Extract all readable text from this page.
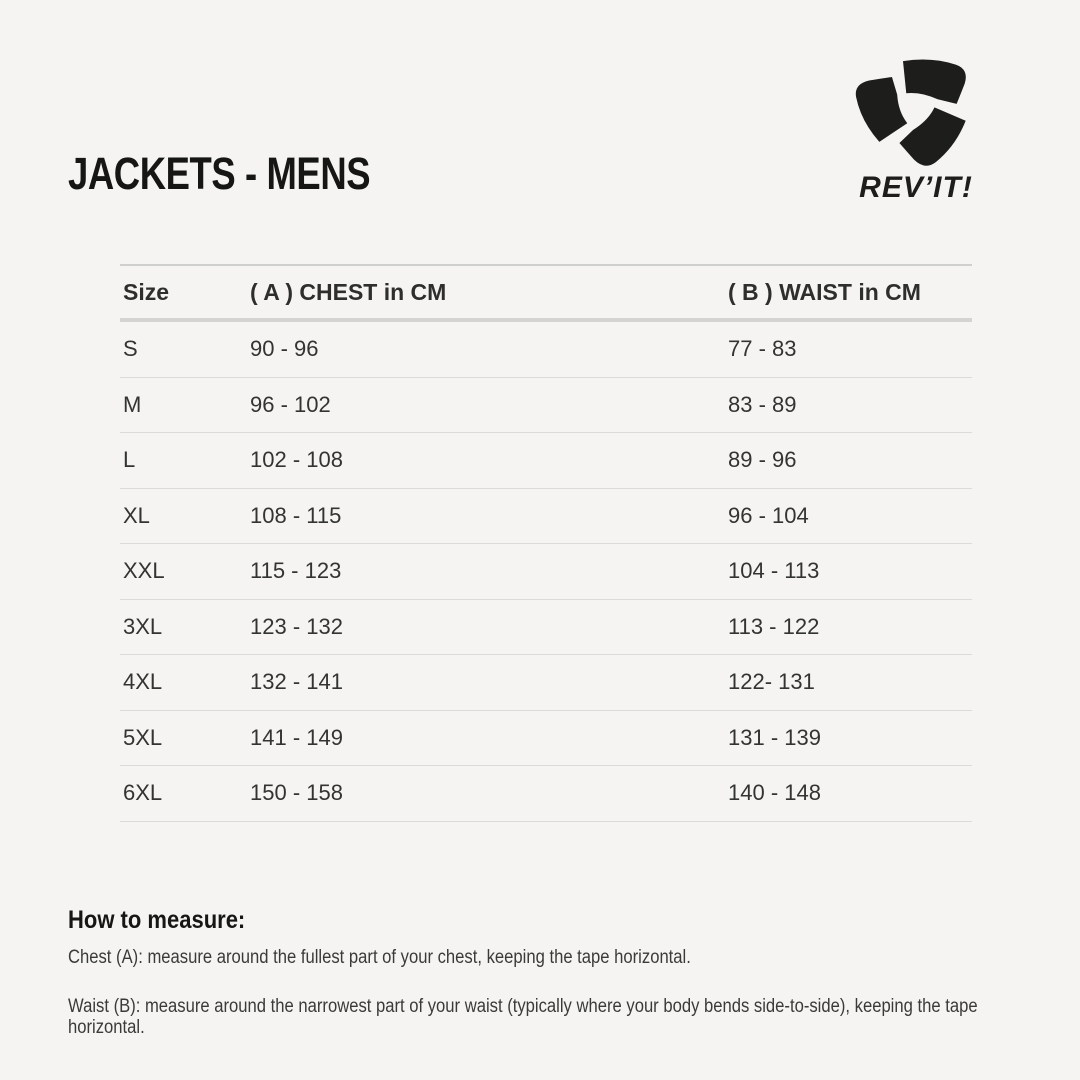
JACKETS - MENS	REV’IT!
Size	( A ) CHEST in CM	( B ) WAIST in CM
S	90 - 96	77 - 83
M	96 - 102	83 - 89
L	102 - 108	89 - 96
XL	108 - 115	96 - 104
XXL	115 - 123	104 - 113
3XL	123 - 132	113 - 122
4XL	132 - 141	122- 131
5XL	141 - 149	131 - 139
6XL	150 - 158	140 - 148
How to measure:

Chest (A): measure around the fullest part of your chest, keeping the tape horizontal.

Waist (B): measure around the narrowest part of your waist (typically where your body bends side-to-side), keeping the tape horizontal.
